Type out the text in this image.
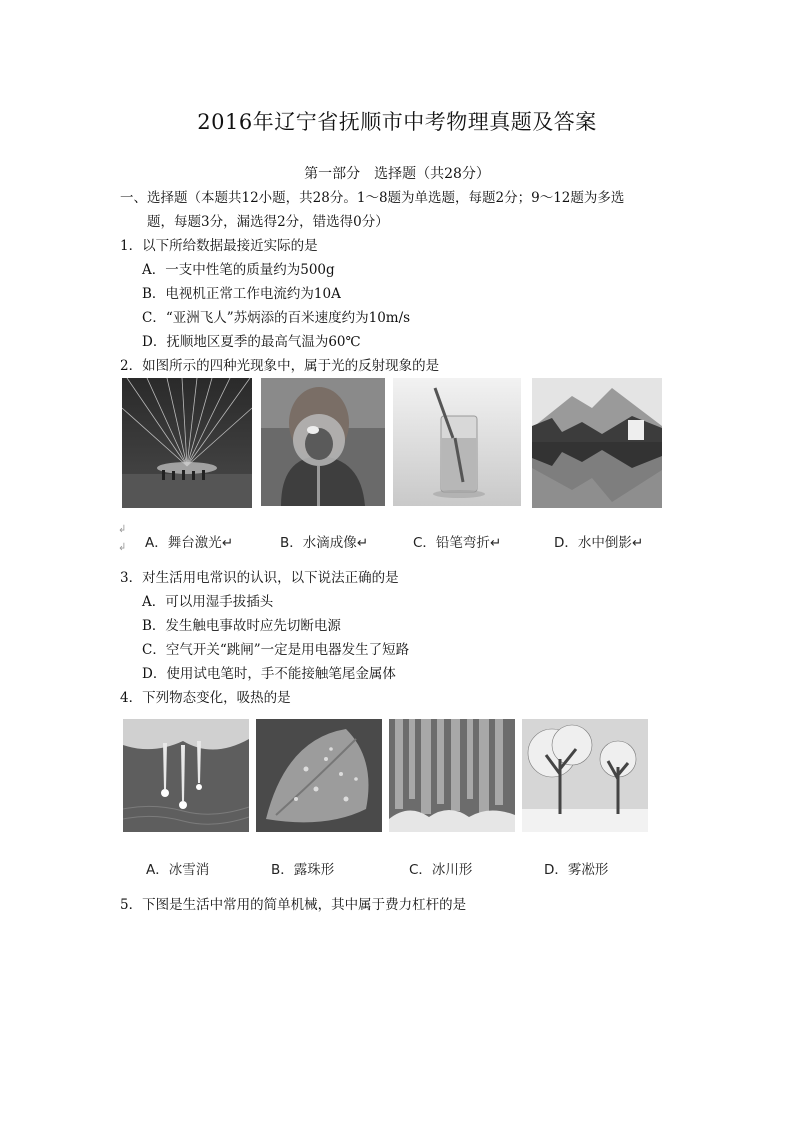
2016年辽宁省抚顺市中考物理真题及答案
第一部分　选择题（共28分）
一、选择题（本题共12小题，共28分。1～8题为单选题，每题2分；9～12题为多选
题，每题3分，漏选得2分，错选得0分）
1．以下所给数据最接近实际的是
A．一支中性笔的质量约为500g
B．电视机正常工作电流约为10A
C．“亚洲飞人”苏炳添的百米速度约为10m/s
D．抚顺地区夏季的最高气温为60℃
2．如图所示的四种光现象中，属于光的反射现象的是
↲
↲ A．舞台激光↵	B．水滴成像↵	C．铅笔弯折↵	D．水中倒影↵
3．对生活用电常识的认识，以下说法正确的是
A．可以用湿手拔插头
B．发生触电事故时应先切断电源
C．空气开关“跳闸”一定是用电器发生了短路
D．使用试电笔时，手不能接触笔尾金属体
4．下列物态变化，吸热的是
A．冰雪消	B．露珠形	C．冰川形	D．雾凇形
5．下图是生活中常用的简单机械，其中属于费力杠杆的是
